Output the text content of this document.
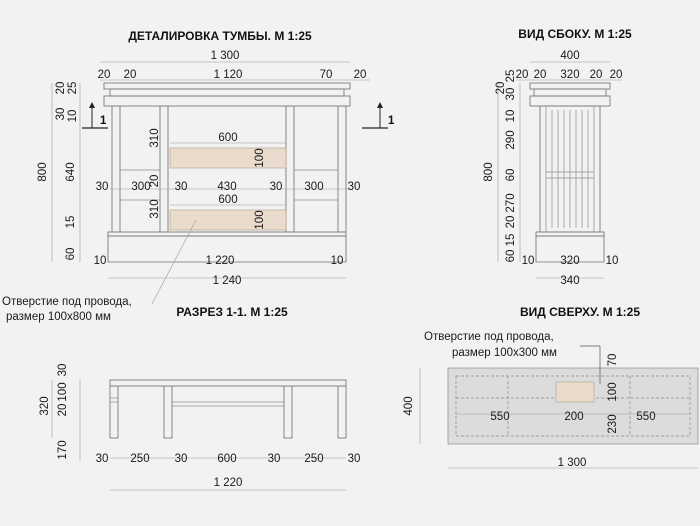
ДЕТАЛИРОВКА ТУМБЫ. М 1:25
1 300
20 20	1 120	70 20
600
600
100
100
310
310
30 300
20 30	430	30 300 30
10	1 220	10
1 240
20 25
30 10
640
15
60
800
1	1
Отверстие под провода,
размер 100х800 мм
ВИД СБОКУ. М 1:25
400
20 20 320 20 20
10 320 10
340
20
30
25
10
290
60
270
20
15
60
800
РАЗРЕЗ 1-1. М 1:25
30
100
20
170
320
30 250 30	600	30 250 30
1 220
ВИД СВЕРХУ. М 1:25
Отверстие под провода,
размер 100х300 мм
550	200	550
70
100
230
400
1 300
